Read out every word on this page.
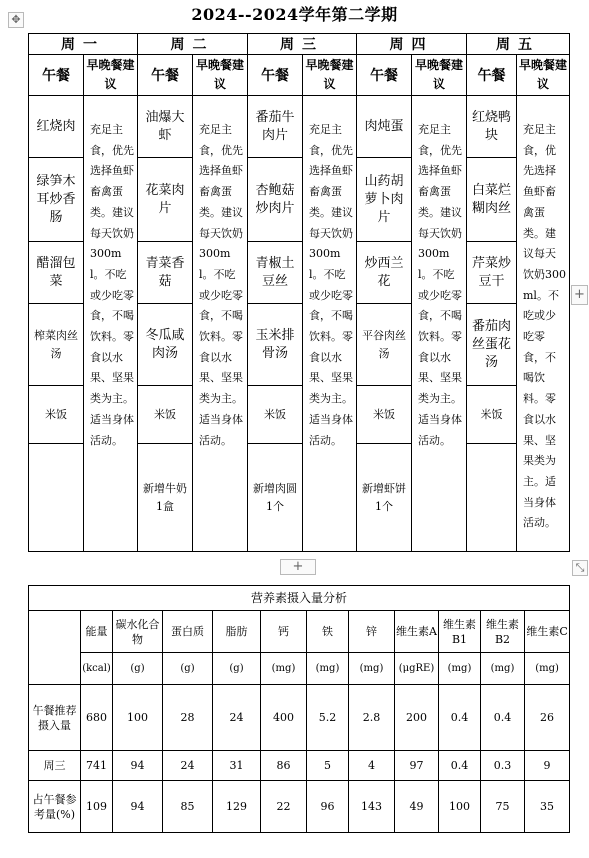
✥	2024--2024学年第二学期
周一		周二		周三		周四		周五	
午餐	早晚餐建议	午餐	早晚餐建议	午餐	早晚餐建议	午餐	早晚餐建议	午餐	早晚餐建议
红烧肉	充足主食，优先选择鱼虾畜禽蛋类。建议每天饮奶300ml。不吃或少吃零食，不喝饮料。零食以水果、坚果类为主。适当身体活动。	油爆大虾	充足主食，优先选择鱼虾畜禽蛋类。建议每天饮奶300ml。不吃或少吃零食，不喝饮料。零食以水果、坚果类为主。适当身体活动。	番茄牛肉片	充足主食，优先选择鱼虾畜禽蛋类。建议每天饮奶300ml。不吃或少吃零食，不喝饮料。零食以水果、坚果类为主。适当身体活动。	肉炖蛋	充足主食，优先选择鱼虾畜禽蛋类。建议每天饮奶300ml。不吃或少吃零食，不喝饮料。零食以水果、坚果类为主。适当身体活动。	红烧鸭块	充足主食，优先选择鱼虾畜禽蛋类。建议每天饮奶300ml。不吃或少吃零食，不喝饮料。零食以水果、坚果类为主。适当身体活动。
绿笋木耳炒香肠		花菜肉片		杏鲍菇炒肉片		山药胡萝卜肉片		白菜烂糊肉丝	
醋溜包菜		青菜香菇		青椒土豆丝		炒西兰花		芹菜炒豆干	
榨菜肉丝汤		冬瓜咸肉汤		玉米排骨汤		平谷肉丝汤		番茄肉丝蛋花汤	
米饭		米饭		米饭		米饭		米饭	
		新增牛奶1盒		新增肉圆1个		新增虾饼1个			
+
+	⤡
营养素摄入量分析											
	能量	碳水化合物	蛋白质	脂肪	钙	铁	锌	维生素A	维生素B1	维生素B2	维生素C
	(kcal)	(g)	(g)	(g)	(mg)	(mg)	(mg)	(μgRE)	(mg)	(mg)	(mg)
午餐推荐摄入量	680	100	28	24	400	5.2	2.8	200	0.4	0.4	26
周三	741	94	24	31	86	5	4	97	0.4	0.3	9
占午餐参考量(%)	109	94	85	129	22	96	143	49	100	75	35
